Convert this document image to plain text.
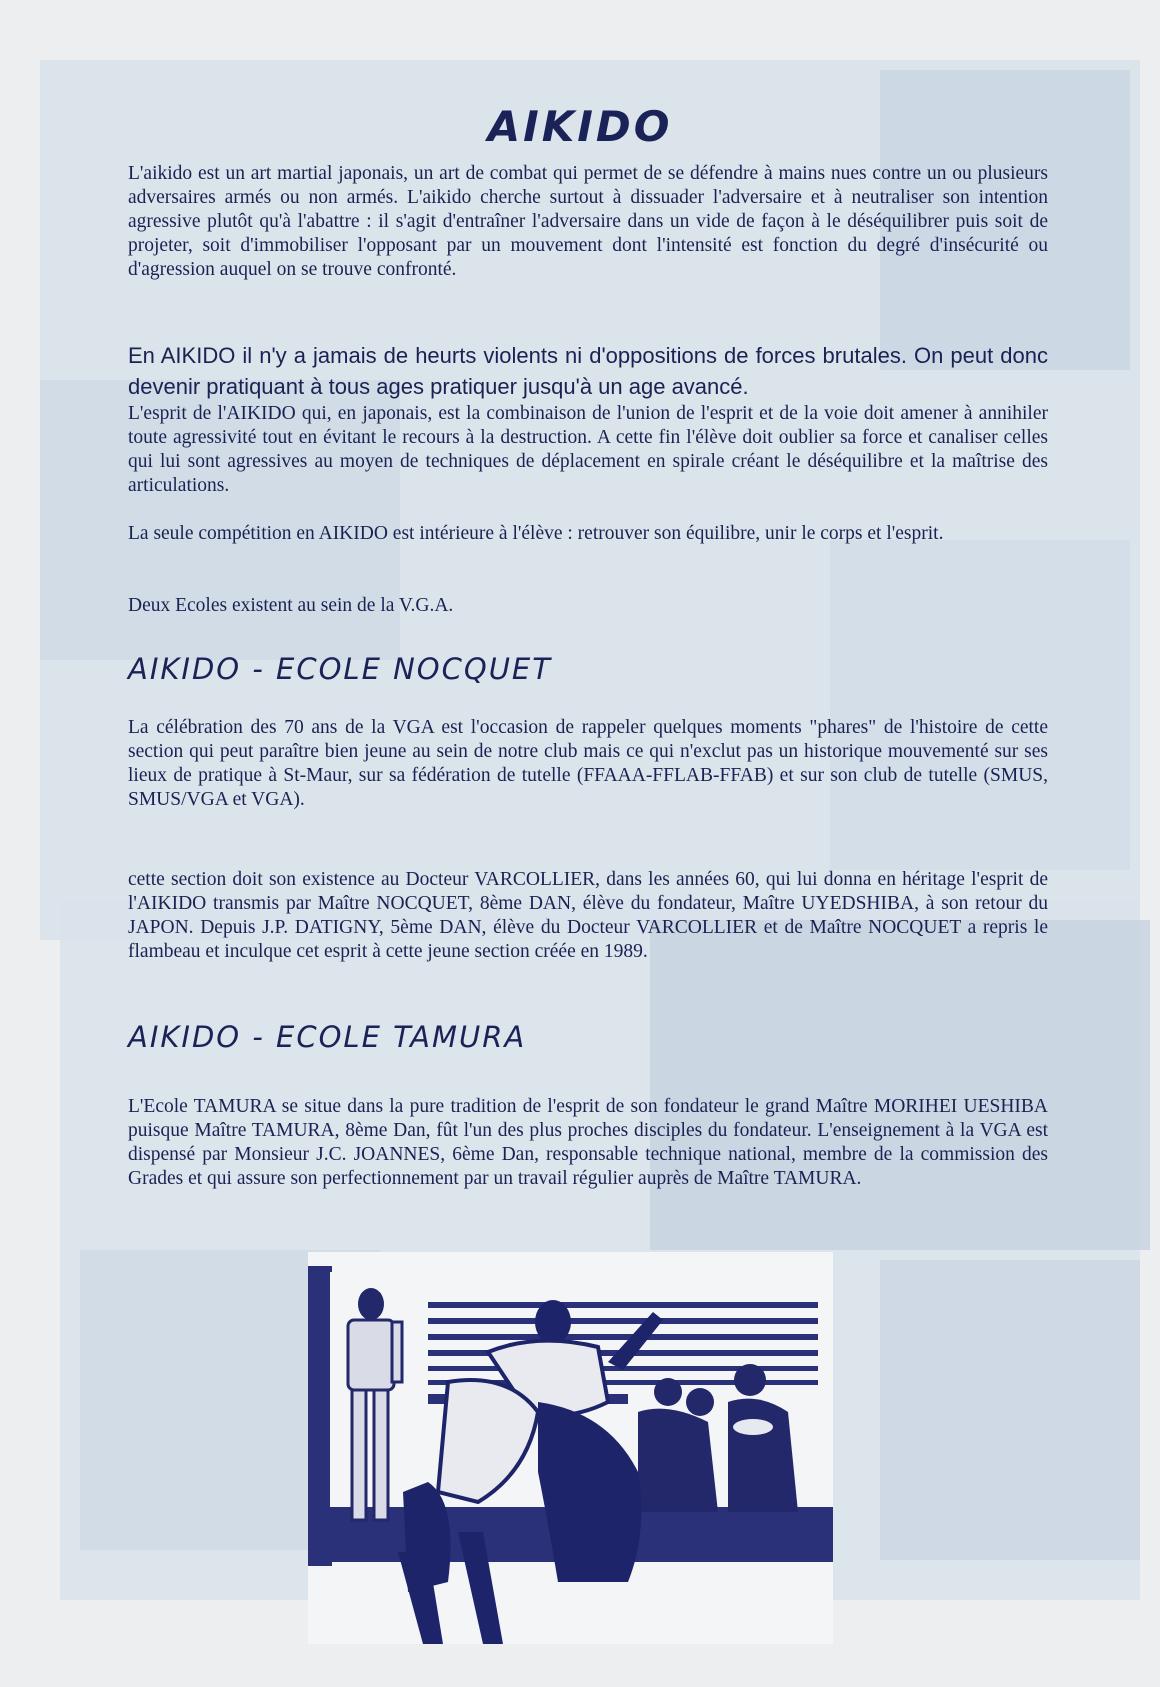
AIKIDO

L'aikido est un art martial japonais, un art de combat qui permet de se défendre à mains nues contre un ou plusieurs adversaires armés ou non armés. L'aikido cherche surtout à dissuader l'adversaire et à neutraliser son intention agressive plutôt qu'à l'abattre : il s'agit d'entraîner l'adversaire dans un vide de façon à le déséquilibrer puis soit de projeter, soit d'immobiliser l'opposant par un mouvement dont l'intensité est fonction du degré d'insécurité ou d'agression auquel on se trouve confronté.

En AIKIDO il n'y a jamais de heurts violents ni d'oppositions de forces brutales. On peut donc devenir pratiquant à tous ages pratiquer jusqu'à un age avancé.

L'esprit de l'AIKIDO qui, en japonais, est la combinaison de l'union de l'esprit et de la voie doit amener à annihiler toute agressivité tout en évitant le recours à la destruction. A cette fin l'élève doit oublier sa force et canaliser celles qui lui sont agressives au moyen de techniques de déplacement en spirale créant le déséquilibre et la maîtrise des articulations.

La seule compétition en AIKIDO est intérieure à l'élève : retrouver son équilibre, unir le corps et l'esprit.

Deux Ecoles existent au sein de la V.G.A.

AIKIDO - ECOLE NOCQUET

La célébration des 70 ans de la VGA est l'occasion de rappeler quelques moments "phares" de l'histoire de cette section qui peut paraître bien jeune au sein de notre club mais ce qui n'exclut pas un historique mouvementé sur ses lieux de pratique à St-Maur, sur sa fédération de tutelle (FFAAA-FFLAB-FFAB) et sur son club de tutelle (SMUS, SMUS/VGA et VGA).

cette section doit son existence au Docteur VARCOLLIER, dans les années 60, qui lui donna en héritage l'esprit de l'AIKIDO transmis par Maître NOCQUET, 8ème DAN, élève du fondateur, Maître UYEDSHIBA, à son retour du JAPON. Depuis J.P. DATIGNY, 5ème DAN, élève du Docteur VARCOLLIER et de Maître NOCQUET a repris le flambeau et inculque cet esprit à cette jeune section créée en 1989.

AIKIDO - ECOLE TAMURA

L'Ecole TAMURA se situe dans la pure tradition de l'esprit de son fondateur le grand Maître MORIHEI UESHIBA puisque Maître TAMURA, 8ème Dan, fût l'un des plus proches disciples du fondateur. L'enseignement à la VGA est dispensé par Monsieur J.C. JOANNES, 6ème Dan, responsable technique national, membre de la commission des Grades et qui assure son perfectionnement par un travail régulier auprès de Maître TAMURA.
